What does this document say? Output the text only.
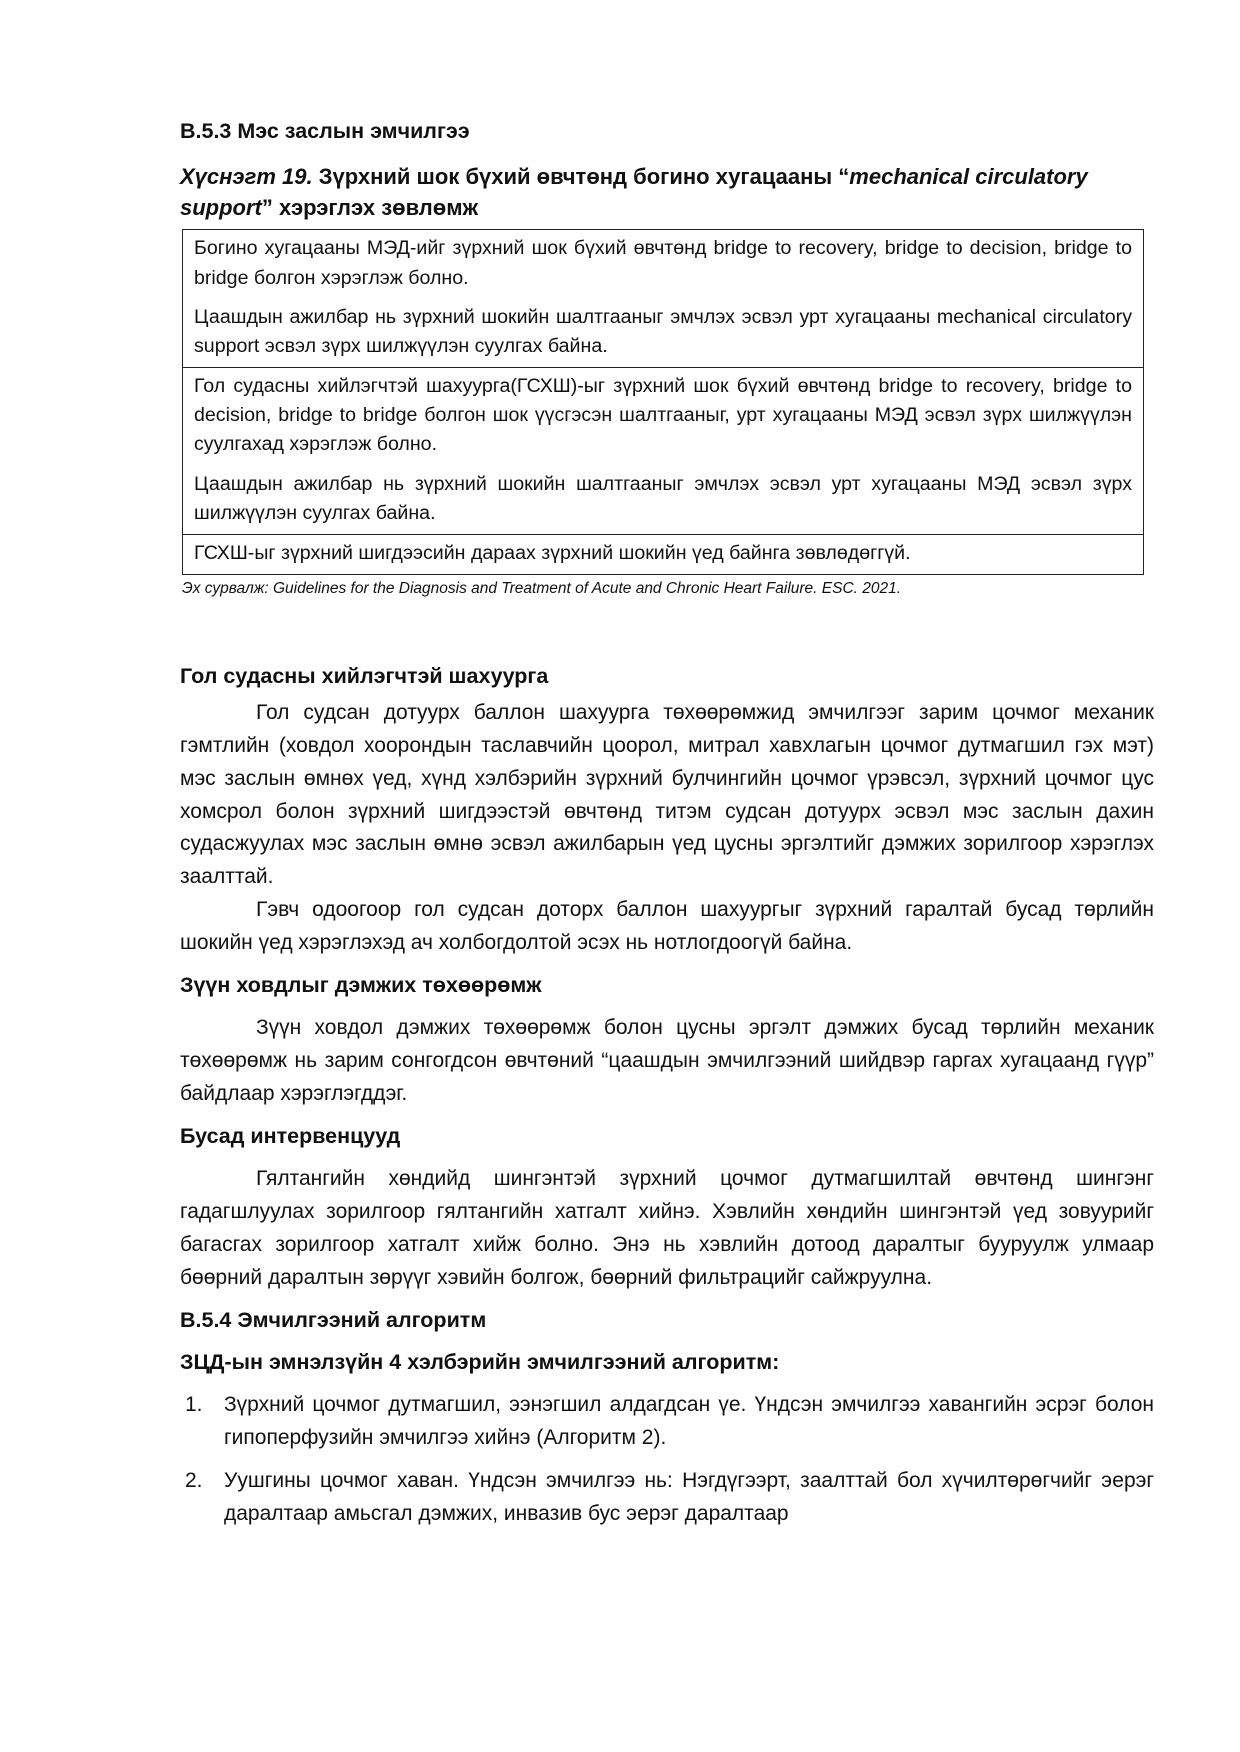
B.5.3 Мэс заслын эмчилгээ
Хүснэгт 19. Зүрхний шок бүхий өвчтөнд богино хугацааны “mechanical circulatory support” хэрэглэх зөвлөмж

Богино хугацааны МЭД-ийг зүрхний шок бүхий өвчтөнд bridge to recovery, bridge to decision, bridge to bridge болгон хэрэглэж болно.

Цаашдын ажилбар нь зүрхний шокийн шалтгааныг эмчлэх эсвэл урт хугацааны mechanical circulatory support эсвэл зүрх шилжүүлэн суулгах байна.

Гол судасны хийлэгчтэй шахуурга(ГСХШ)-ыг зүрхний шок бүхий өвчтөнд bridge to recovery, bridge to decision, bridge to bridge болгон шок үүсгэсэн шалтгааныг, урт хугацааны МЭД эсвэл зүрх шилжүүлэн суулгахад хэрэглэж болно.

Цаашдын ажилбар нь зүрхний шокийн шалтгааныг эмчлэх эсвэл урт хугацааны МЭД эсвэл зүрх шилжүүлэн суулгах байна.

ГСХШ-ыг зүрхний шигдээсийн дараах зүрхний шокийн үед байнга зөвлөдөггүй.

Эх сурвалж: Guidelines for the Diagnosis and Treatment of Acute and Chronic Heart Failure. ESC. 2021.
Гол судасны хийлэгчтэй шахуурга

Гол судсан дотуурх баллон шахуурга төхөөрөмжид эмчилгээг зарим цочмог механик гэмтлийн (ховдол хоорондын таславчийн цоорол, митрал хавхлагын цочмог дутмагшил гэх мэт) мэс заслын өмнөх үед, хүнд хэлбэрийн зүрхний булчингийн цочмог үрэвсэл, зүрхний цочмог цус хомсрол болон зүрхний шигдээстэй өвчтөнд титэм судсан дотуурх эсвэл мэс заслын дахин судасжуулах мэс заслын өмнө эсвэл ажилбарын үед цусны эргэлтийг дэмжих зорилгоор хэрэглэх заалттай.

Гэвч одоогоор гол судсан доторх баллон шахуургыг зүрхний гаралтай бусад төрлийн шокийн үед хэрэглэхэд ач холбогдолтой эсэх нь нотлогдоогүй байна.

Зүүн ховдлыг дэмжих төхөөрөмж

Зүүн ховдол дэмжих төхөөрөмж болон цусны эргэлт дэмжих бусад төрлийн механик төхөөрөмж нь зарим сонгогдсон өвчтөний “цаашдын эмчилгээний шийдвэр гаргах хугацаанд гүүр” байдлаар хэрэглэгддэг.

Бусад интервенцууд

Гялтангийн хөндийд шингэнтэй зүрхний цочмог дутмагшилтай өвчтөнд шингэнг гадагшлуулах зорилгоор гялтангийн хатгалт хийнэ. Хэвлийн хөндийн шингэнтэй үед зовуурийг багасгах зорилгоор хатгалт хийж болно. Энэ нь хэвлийн дотоод даралтыг бууруулж улмаар бөөрний даралтын зөрүүг хэвийн болгож, бөөрний фильтрацийг сайжруулна.

B.5.4 Эмчилгээний алгоритм
ЗЦД-ын эмнэлзүйн 4 хэлбэрийн эмчилгээний алгоритм:
1. Зүрхний цочмог дутмагшил, ээнэгшил алдагдсан үе. Үндсэн эмчилгээ хавангийн эсрэг болон гипоперфузийн эмчилгээ хийнэ (Алгоритм 2).
2. Уушгины цочмог хаван. Үндсэн эмчилгээ нь: Нэгдүгээрт, заалттай бол хүчилтөрөгчийг эерэг даралтаар амьсгал дэмжих, инвазив бус эерэг даралтаар
